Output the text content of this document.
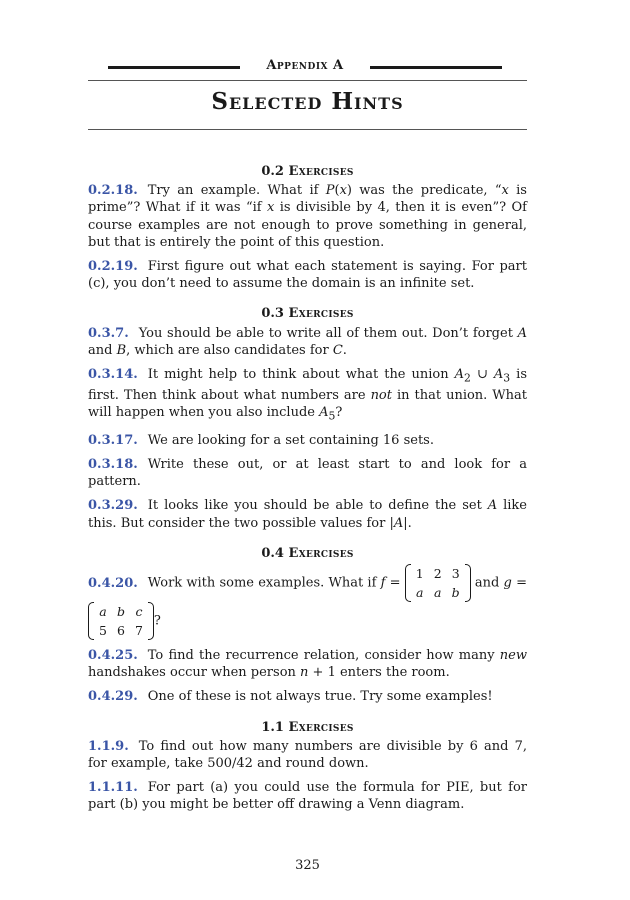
Appendix A
Selected Hints
0.2 Exercises

0.2.18. Try an example. What if P(x) was the predicate, “x is prime”? What if it was “if x is divisible by 4, then it is even”? Of course examples are not enough to prove something in general, but that is entirely the point of this question.

0.2.19. First figure out what each statement is saying. For part (c), you don’t need to assume the domain is an infinite set.

0.3 Exercises

0.3.7. You should be able to write all of them out. Don’t forget A and B, which are also candidates for C.

0.3.14. It might help to think about what the union $A_2$ ∪ $A_3$ is first. Then think about what numbers are not in that union. What will happen when you also include $A_5$?

0.3.17. We are looking for a set containing 16 sets.

0.3.18. Write these out, or at least start to and look for a pattern.

0.3.29. It looks like you should be able to define the set A like this. But consider the two possible values for |A|.

0.4 Exercises

0.4.20. Work with some examples. What if f =
1	2	3
a	a	b
and g =
a	b	c
5	6	7
?

0.4.25. To find the recurrence relation, consider how many new handshakes occur when person n + 1 enters the room.

0.4.29. One of these is not always true. Try some examples!

1.1 Exercises

1.1.9. To find out how many numbers are divisible by 6 and 7, for example, take 500/42 and round down.

1.1.11. For part (a) you could use the formula for PIE, but for part (b) you might be better off drawing a Venn diagram.

325
